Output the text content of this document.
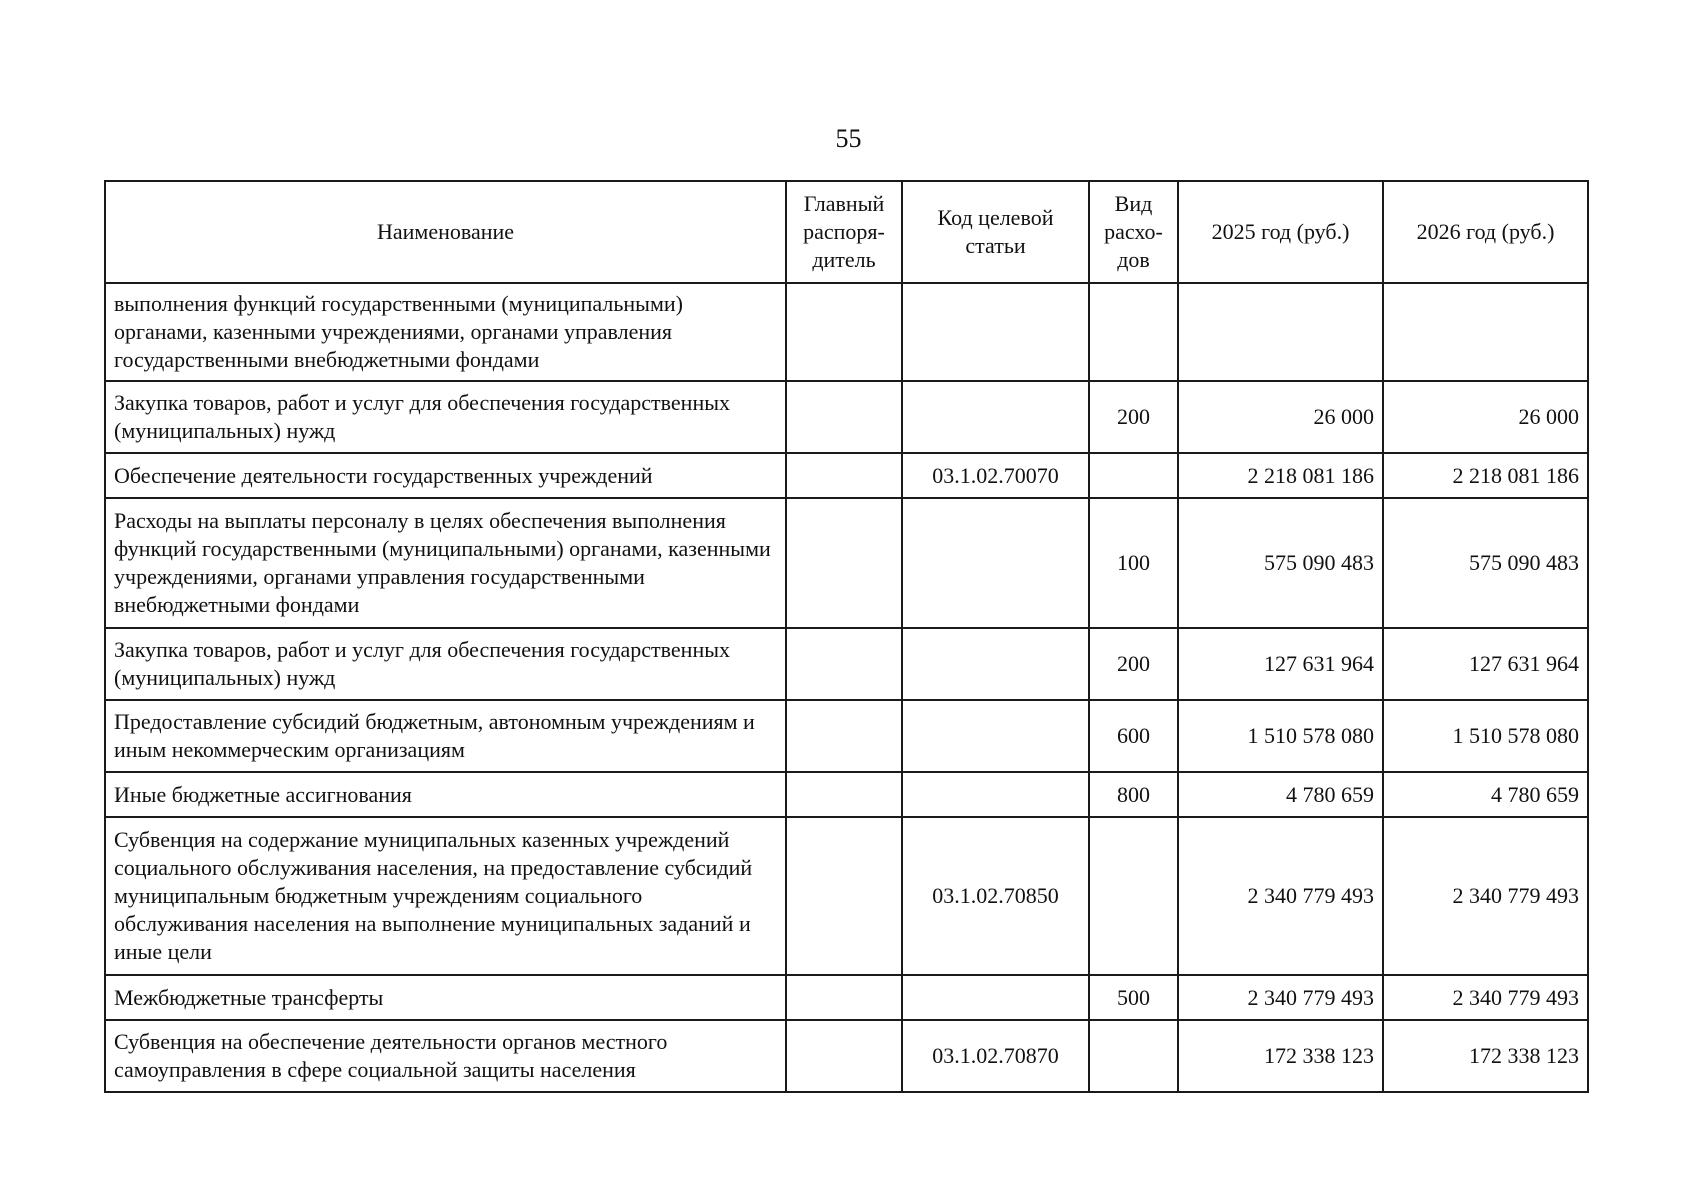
55
Наименование	Главный распоря-дитель	Код целевой статьи	Вид расхо-дов	2025 год (руб.)	2026 год (руб.)
выполнения функций государственными (муниципальными) органами, казенными учреждениями, органами управления государственными внебюджетными фондами					
Закупка товаров, работ и услуг для обеспечения государственных (муниципальных) нужд			200	26 000	26 000
Обеспечение деятельности государственных учреждений		03.1.02.70070		2 218 081 186	2 218 081 186
Расходы на выплаты персоналу в целях обеспечения выполнения функций государственными (муниципальными) органами, казенными учреждениями, органами управления государственными внебюджетными фондами			100	575 090 483	575 090 483
Закупка товаров, работ и услуг для обеспечения государственных (муниципальных) нужд			200	127 631 964	127 631 964
Предоставление субсидий бюджетным, автономным учреждениям и иным некоммерческим организациям			600	1 510 578 080	1 510 578 080
Иные бюджетные ассигнования			800	4 780 659	4 780 659
Субвенция на содержание муниципальных казенных учреждений социального обслуживания населения, на предоставление субсидий муниципальным бюджетным учреждениям социального обслуживания населения на выполнение муниципальных заданий и иные цели		03.1.02.70850		2 340 779 493	2 340 779 493
Межбюджетные трансферты			500	2 340 779 493	2 340 779 493
Субвенция на обеспечение деятельности органов местного самоуправления в сфере социальной защиты населения		03.1.02.70870		172 338 123	172 338 123
